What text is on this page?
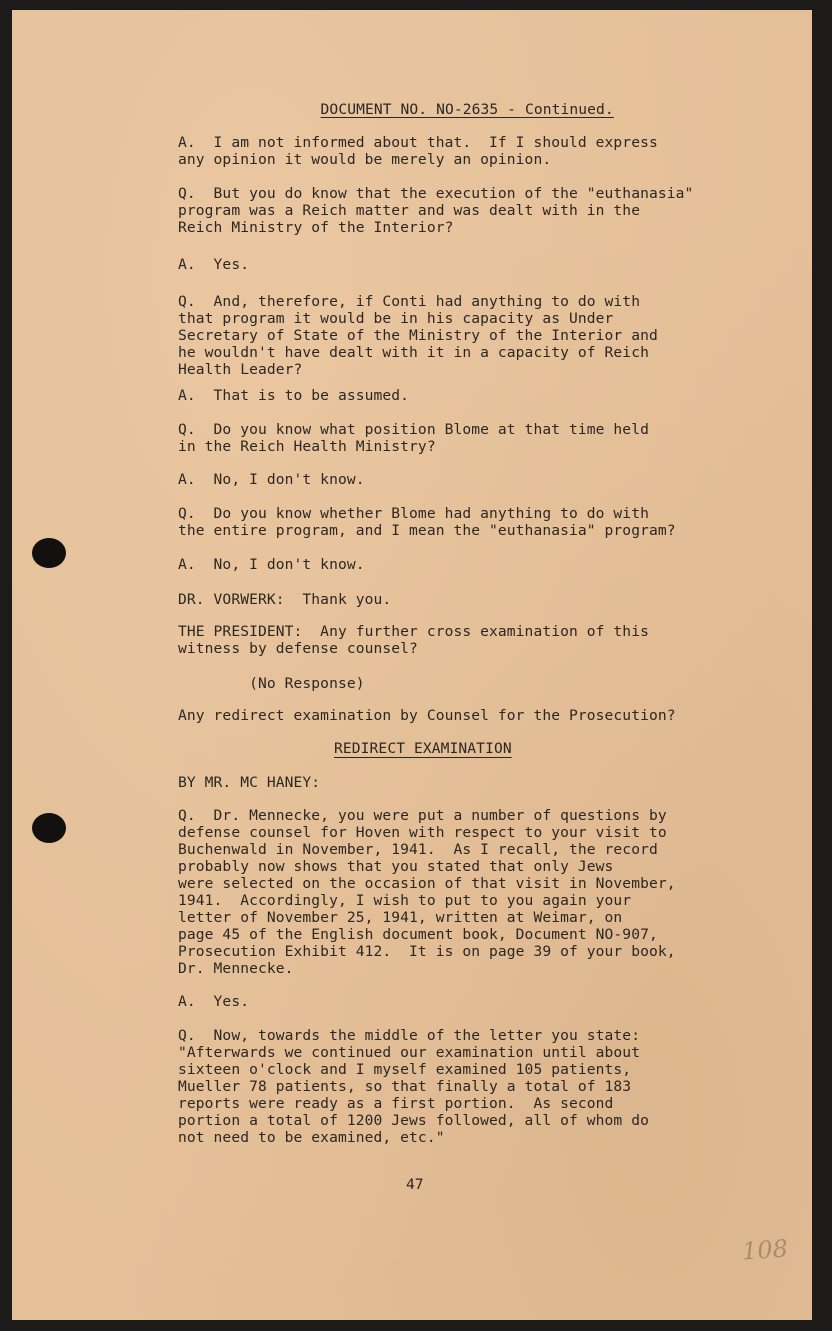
DOCUMENT NO. NO-2635 - Continued.

A.  I am not informed about that.  If I should express
any opinion it would be merely an opinion.
Q.  But you do know that the execution of the "euthanasia"
program was a Reich matter and was dealt with in the
Reich Ministry of the Interior?
A.  Yes.
Q.  And, therefore, if Conti had anything to do with
that program it would be in his capacity as Under
Secretary of State of the Ministry of the Interior and
he wouldn't have dealt with it in a capacity of Reich
Health Leader?
A.  That is to be assumed.
Q.  Do you know what position Blome at that time held
in the Reich Health Ministry?
A.  No, I don't know.
Q.  Do you know whether Blome had anything to do with
the entire program, and I mean the "euthanasia" program?
A.  No, I don't know.
DR. VORWERK:  Thank you.
THE PRESIDENT:  Any further cross examination of this
witness by defense counsel?
(No Response)
Any redirect examination by Counsel for the Prosecution?
REDIRECT EXAMINATION
BY MR. MC HANEY:
Q.  Dr. Mennecke, you were put a number of questions by
defense counsel for Hoven with respect to your visit to
Buchenwald in November, 1941.  As I recall, the record
probably now shows that you stated that only Jews
were selected on the occasion of that visit in November,
1941.  Accordingly, I wish to put to you again your
letter of November 25, 1941, written at Weimar, on
page 45 of the English document book, Document NO-907,
Prosecution Exhibit 412.  It is on page 39 of your book,
Dr. Mennecke.
A.  Yes.
Q.  Now, towards the middle of the letter you state:
"Afterwards we continued our examination until about
sixteen o'clock and I myself examined 105 patients,
Mueller 78 patients, so that finally a total of 183
reports were ready as a first portion.  As second
portion a total of 1200 Jews followed, all of whom do
not need to be examined, etc."
47
108
